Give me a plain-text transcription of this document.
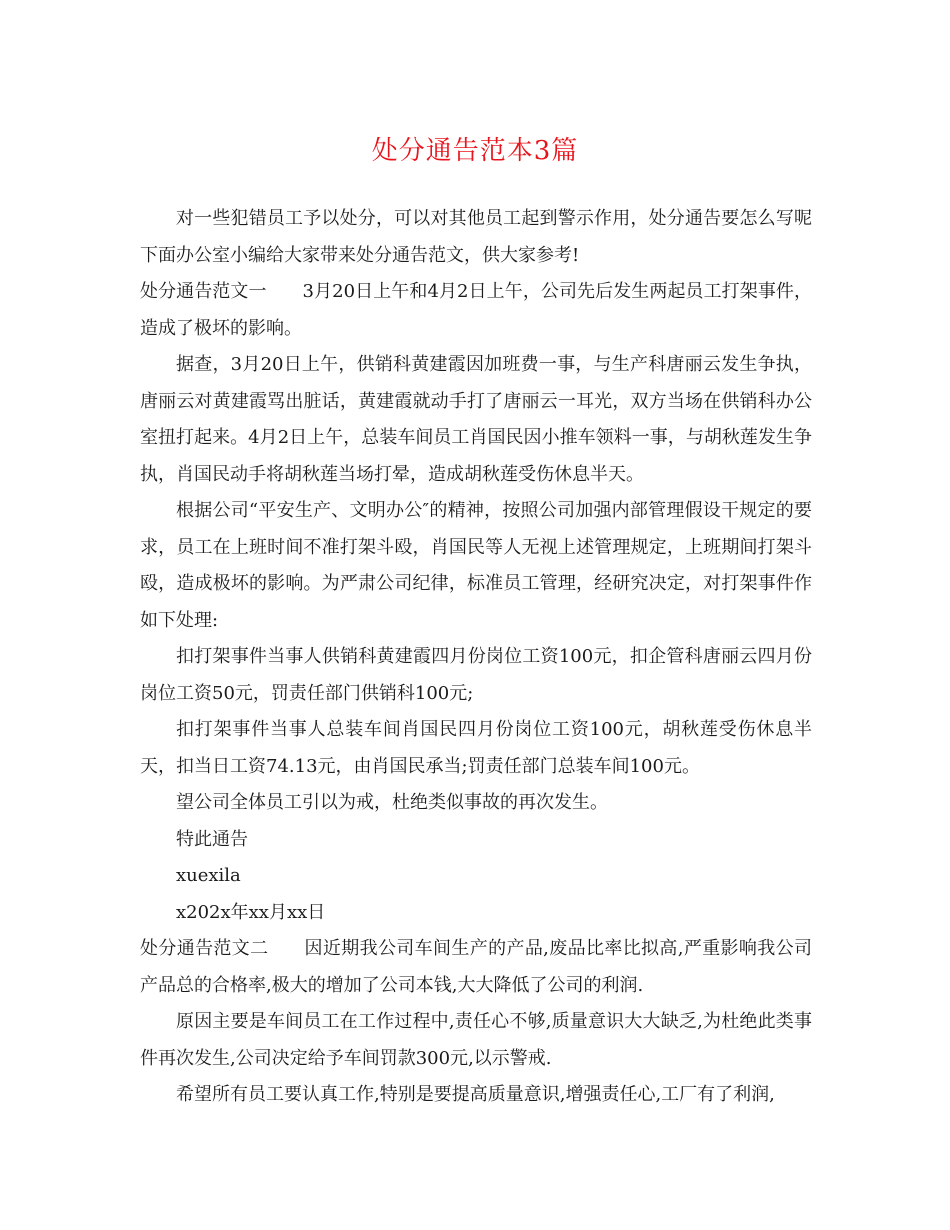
处分通告范本3篇

对一些犯错员工予以处分，可以对其他员工起到警示作用，处分通告要怎么写呢下面办公室小编给大家带来处分通告范文，供大家参考!

处分通告范文一 3月20日上午和4月2日上午，公司先后发生两起员工打架事件，造成了极坏的影响。

据查，3月20日上午，供销科黄建霞因加班费一事，与生产科唐丽云发生争执，唐丽云对黄建霞骂出脏话，黄建霞就动手打了唐丽云一耳光，双方当场在供销科办公室扭打起来。4月2日上午，总装车间员工肖国民因小推车领料一事，与胡秋莲发生争执，肖国民动手将胡秋莲当场打晕，造成胡秋莲受伤休息半天。

根据公司“平安生产、文明办公″的精神，按照公司加强内部管理假设干规定的要求，员工在上班时间不准打架斗殴，肖国民等人无视上述管理规定，上班期间打架斗殴，造成极坏的影响。为严肃公司纪律，标准员工管理，经研究决定，对打架事件作如下处理:

扣打架事件当事人供销科黄建霞四月份岗位工资100元，扣企管科唐丽云四月份岗位工资50元，罚责任部门供销科100元;

扣打架事件当事人总装车间肖国民四月份岗位工资100元，胡秋莲受伤休息半天，扣当日工资74.13元，由肖国民承当;罚责任部门总装车间100元。

望公司全体员工引以为戒，杜绝类似事故的再次发生。

特此通告

xuexila

x202x年xx月xx日

处分通告范文二 因近期我公司车间生产的产品,废品比率比拟高,严重影响我公司产品总的合格率,极大的增加了公司本钱,大大降低了公司的利润.

原因主要是车间员工在工作过程中,责任心不够,质量意识大大缺乏,为杜绝此类事件再次发生,公司决定给予车间罚款300元,以示警戒.

希望所有员工要认真工作,特别是要提高质量意识,增强责任心,工厂有了利润,
